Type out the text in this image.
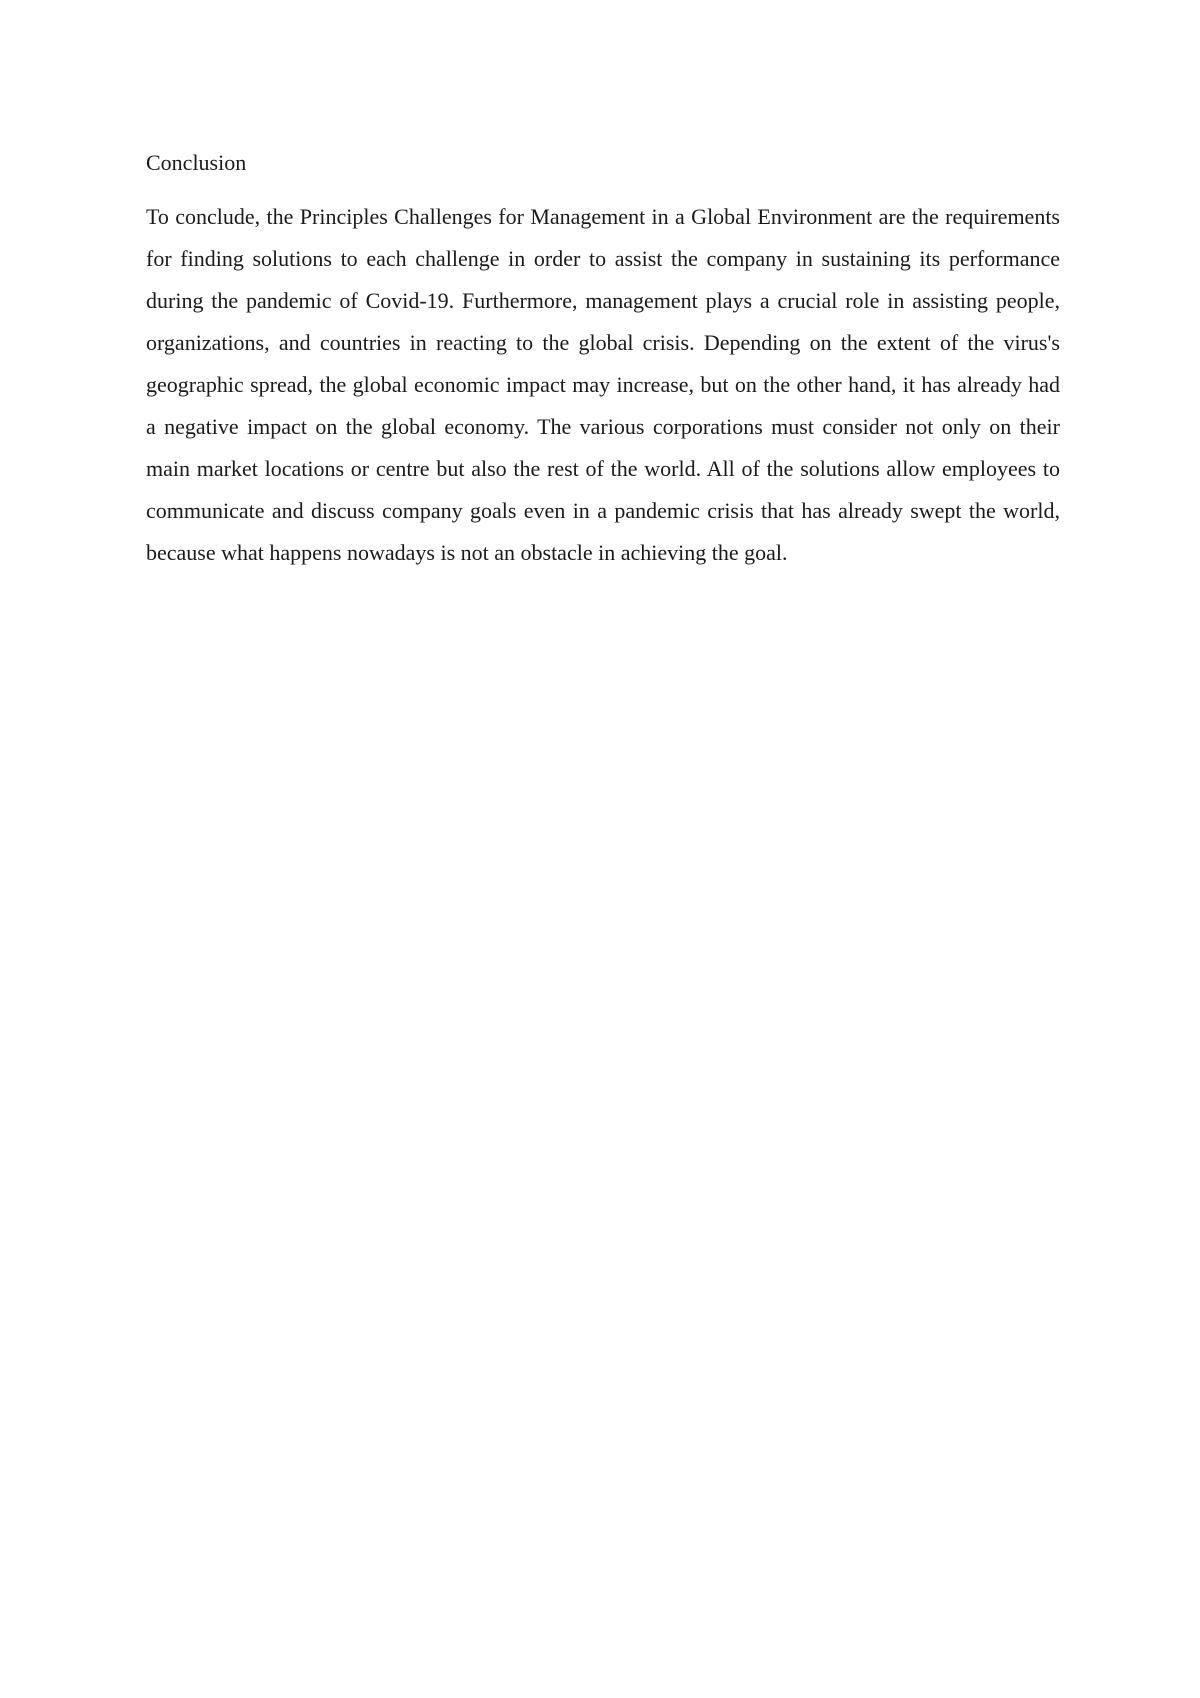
Conclusion

To conclude, the Principles Challenges for Management in a Global Environment are the requirements for finding solutions to each challenge in order to assist the company in sustaining its performance during the pandemic of Covid-19. Furthermore, management plays a crucial role in assisting people, organizations, and countries in reacting to the global crisis. Depending on the extent of the virus's geographic spread, the global economic impact may increase, but on the other hand, it has already had a negative impact on the global economy. The various corporations must consider not only on their main market locations or centre but also the rest of the world. All of the solutions allow employees to communicate and discuss company goals even in a pandemic crisis that has already swept the world, because what happens nowadays is not an obstacle in achieving the goal.
